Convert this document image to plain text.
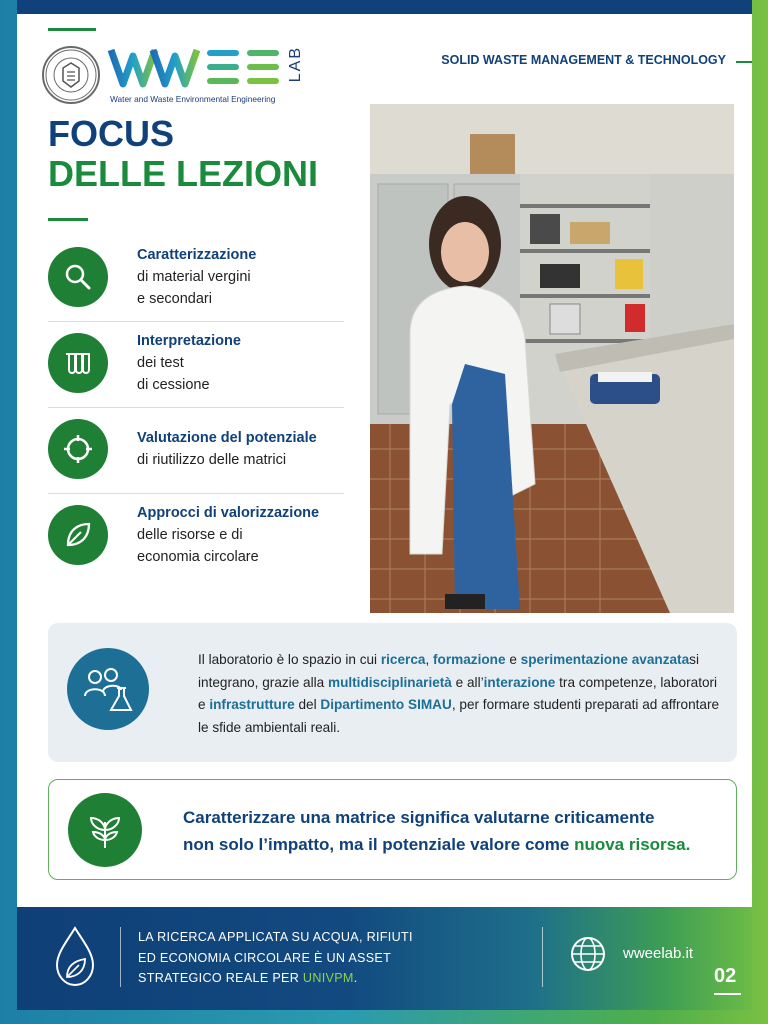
LAB
Water and Waste Environmental Engineering
SOLID WASTE MANAGEMENT & TECHNOLOGY
FOCUS
DELLE LEZIONI
Caratterizzazione
di material vergini
e secondari
Interpretazione
dei test
di cessione
Valutazione del potenziale
di riutilizzo delle matrici
Approcci di valorizzazione
delle risorse e di
economia circolare
Il laboratorio è lo spazio in cui ricerca, formazione e sperimentazione avanzatasi integrano, grazie alla multidisciplinarietà e all’interazione tra competenze, laboratori e infrastrutture del Dipartimento SIMAU, per formare studenti preparati ad affrontare le sfide ambientali reali.
Caratterizzare una matrice significa valutarne criticamente
non solo l’impatto, ma il potenziale valore come nuova risorsa.
LA RICERCA APPLICATA SU ACQUA, RIFIUTI
ED ECONOMIA CIRCOLARE È UN ASSET
STRATEGICO REALE PER UNIVPM.
wweelab.it
02
